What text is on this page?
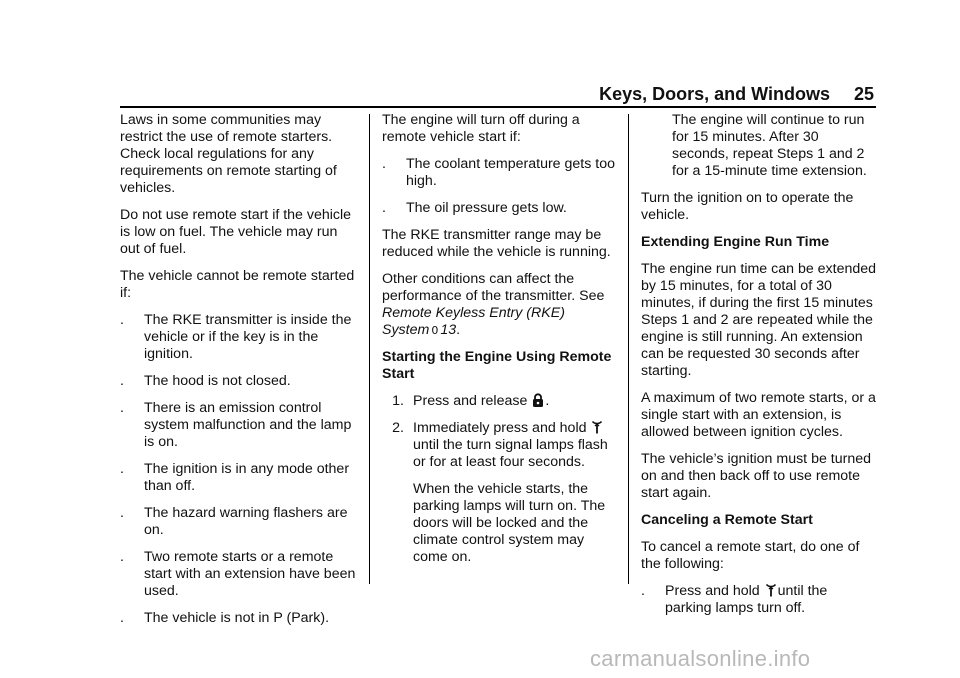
Keys, Doors, and Windows 25

Laws in some communities may restrict the use of remote starters. Check local regulations for any requirements on remote starting of vehicles.

Do not use remote start if the vehicle is low on fuel. The vehicle may run out of fuel.

The vehicle cannot be remote started if:

. The RKE transmitter is inside the vehicle or if the key is in the ignition.
. The hood is not closed.
. There is an emission control system malfunction and the lamp is on.
. The ignition is in any mode other than off.
. The hazard warning flashers are on.
. Two remote starts or a remote start with an extension have been used.
. The vehicle is not in P (Park).

The engine will turn off during a remote vehicle start if:

. The coolant temperature gets too high.
. The oil pressure gets low.

The RKE transmitter range may be reduced while the vehicle is running.

Other conditions can affect the performance of the transmitter. See Remote Keyless Entry (RKE) System 0 13.

Starting the Engine Using Remote Start

1. Press and release .
2. Immediately press and hold  until the turn signal lamps flash or for at least four seconds.

When the vehicle starts, the parking lamps will turn on. The doors will be locked and the climate control system may come on.

The engine will continue to run for 15 minutes. After 30 seconds, repeat Steps 1 and 2 for a 15-minute time extension.

Turn the ignition on to operate the vehicle.

Extending Engine Run Time

The engine run time can be extended by 15 minutes, for a total of 30 minutes, if during the first 15 minutes Steps 1 and 2 are repeated while the engine is still running. An extension can be requested 30 seconds after starting.

A maximum of two remote starts, or a single start with an extension, is allowed between ignition cycles.

The vehicle’s ignition must be turned on and then back off to use remote start again.

Canceling a Remote Start

To cancel a remote start, do one of the following:

. Press and hold until the parking lamps turn off.
carmanualsonline.info
